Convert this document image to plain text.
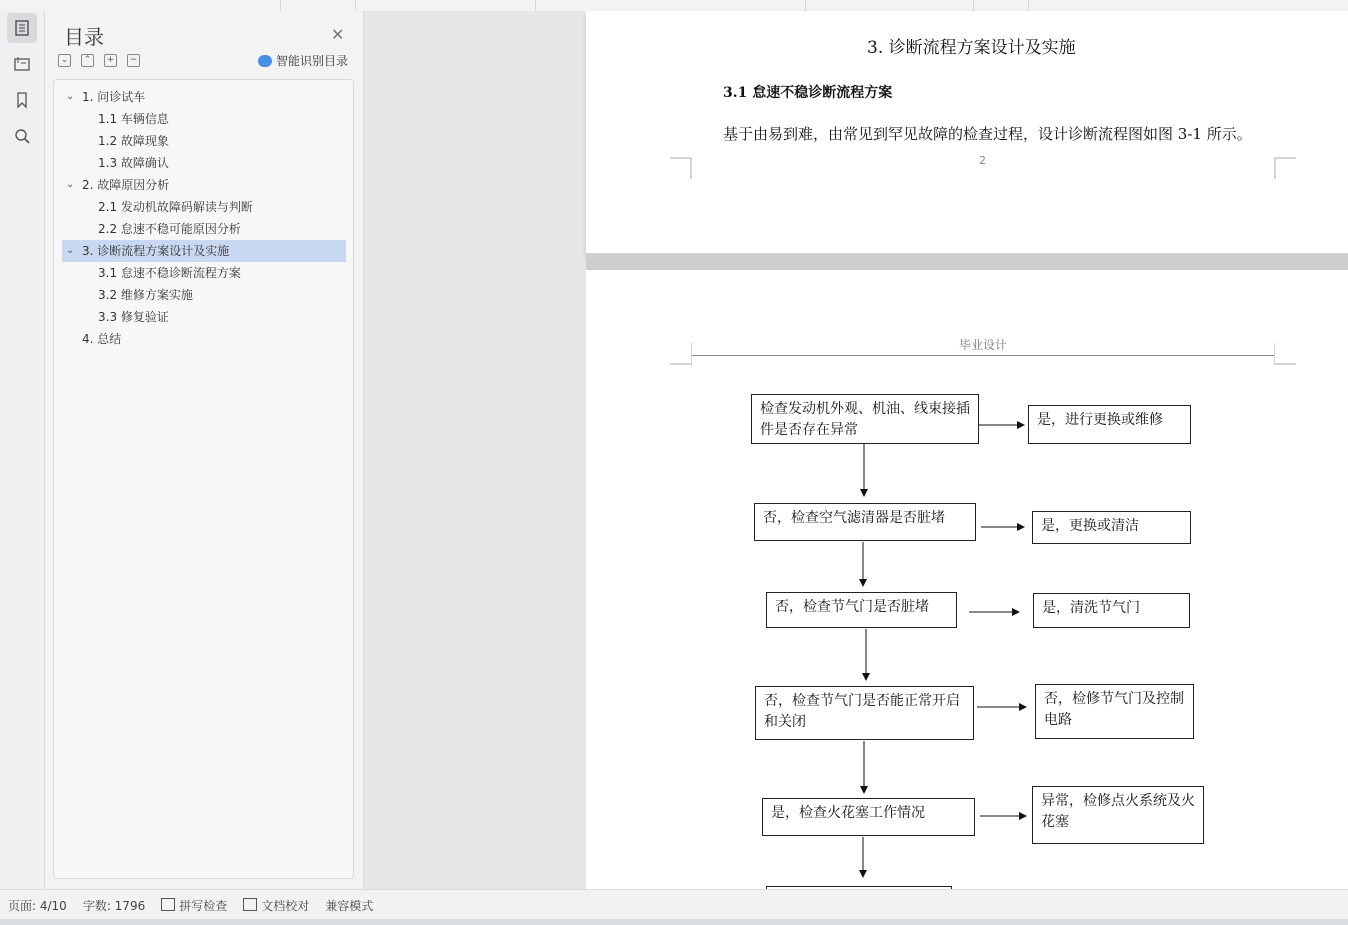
目录	✕
⌄	⌃	+	−	智能识别目录
⌄ 1. 问诊试车
1.1 车辆信息
1.2 故障现象
1.3 故障确认
⌄ 2. 故障原因分析
2.1 发动机故障码解读与判断
2.2 怠速不稳可能原因分析
⌄ 3. 诊断流程方案设计及实施
3.1 怠速不稳诊断流程方案
3.2 维修方案实施
3.3 修复验证
4. 总结
3. 诊断流程方案设计及实施
3.1 怠速不稳诊断流程方案
基于由易到难，由常见到罕见故障的检查过程，设计诊断流程图如图 3-1 所示。
2
毕业设计
检查发动机外观、机油、线束接插件是否存在异常
是，进行更换或维修
否，检查空气滤清器是否脏堵	是，更换或清洁
否，检查节气门是否脏堵	是，清洗节气门
否，检查节气门是否能正常开启和关闭
否，检修节气门及控制电路
是，检查火花塞工作情况
异常，检修点火系统及火花塞
页面: 4/10	字数: 1796	拼写检查	文档校对	兼容模式
